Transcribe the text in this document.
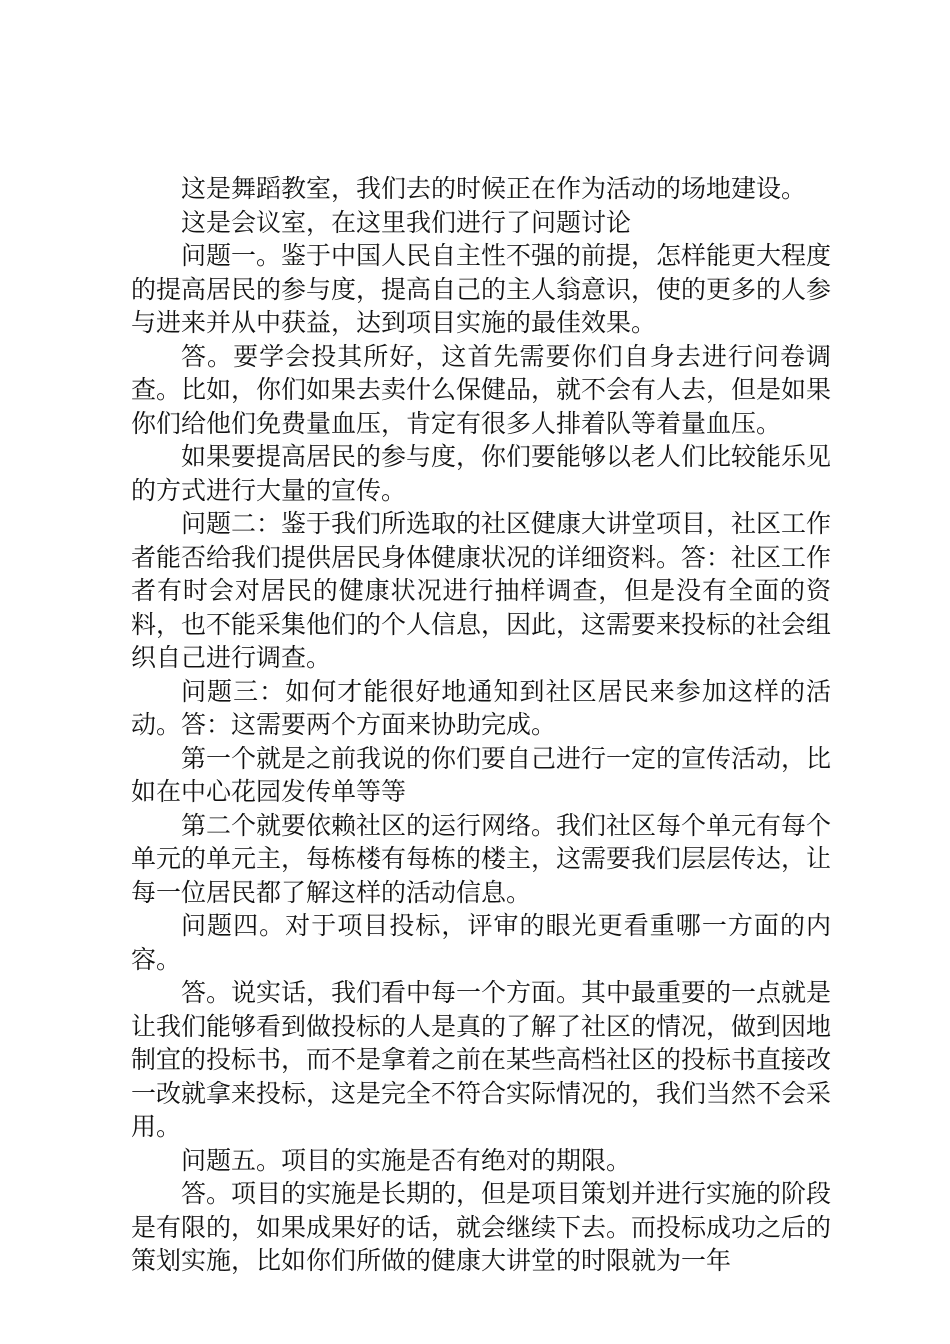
这是舞蹈教室，我们去的时候正在作为活动的场地建设。

这是会议室，在这里我们进行了问题讨论

问题一。鉴于中国人民自主性不强的前提，怎样能更大程度的提高居民的参与度，提高自己的主人翁意识，使的更多的人参与进来并从中获益，达到项目实施的最佳效果。

答。要学会投其所好，这首先需要你们自身去进行问卷调查。比如，你们如果去卖什么保健品，就不会有人去，但是如果你们给他们免费量血压，肯定有很多人排着队等着量血压。

如果要提高居民的参与度，你们要能够以老人们比较能乐见的方式进行大量的宣传。

问题二：鉴于我们所选取的社区健康大讲堂项目，社区工作者能否给我们提供居民身体健康状况的详细资料。答：社区工作者有时会对居民的健康状况进行抽样调查，但是没有全面的资料，也不能采集他们的个人信息，因此，这需要来投标的社会组织自己进行调查。

问题三：如何才能很好地通知到社区居民来参加这样的活动。答：这需要两个方面来协助完成。

第一个就是之前我说的你们要自己进行一定的宣传活动，比如在中心花园发传单等等

第二个就要依赖社区的运行网络。我们社区每个单元有每个单元的单元主，每栋楼有每栋的楼主，这需要我们层层传达，让每一位居民都了解这样的活动信息。

问题四。对于项目投标，评审的眼光更看重哪一方面的内容。

答。说实话，我们看中每一个方面。其中最重要的一点就是让我们能够看到做投标的人是真的了解了社区的情况，做到因地制宜的投标书，而不是拿着之前在某些高档社区的投标书直接改一改就拿来投标，这是完全不符合实际情况的，我们当然不会采用。

问题五。项目的实施是否有绝对的期限。

答。项目的实施是长期的，但是项目策划并进行实施的阶段是有限的，如果成果好的话，就会继续下去。而投标成功之后的策划实施，比如你们所做的健康大讲堂的时限就为一年
